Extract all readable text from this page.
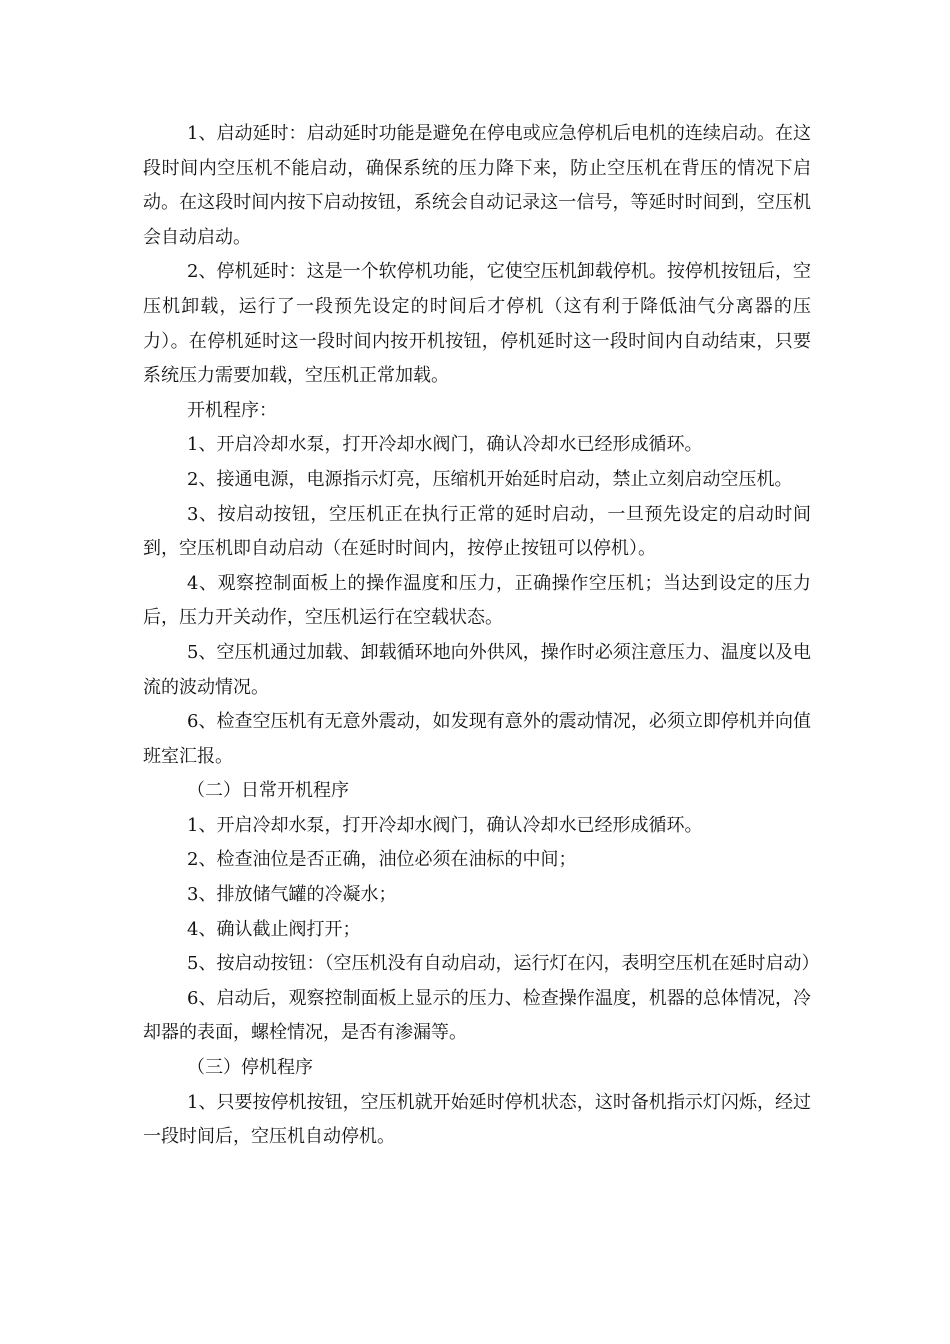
1、启动延时：启动延时功能是避免在停电或应急停机后电机的连续启动。在这段时间内空压机不能启动，确保系统的压力降下来，防止空压机在背压的情况下启动。在这段时间内按下启动按钮，系统会自动记录这一信号，等延时时间到，空压机会自动启动。

2、停机延时：这是一个软停机功能，它使空压机卸载停机。按停机按钮后，空压机卸载，运行了一段预先设定的时间后才停机（这有利于降低油气分离器的压力）。在停机延时这一段时间内按开机按钮，停机延时这一段时间内自动结束，只要系统压力需要加载，空压机正常加载。

开机程序：

1、开启冷却水泵，打开冷却水阀门，确认冷却水已经形成循环。

2、接通电源，电源指示灯亮，压缩机开始延时启动，禁止立刻启动空压机。

3、按启动按钮，空压机正在执行正常的延时启动，一旦预先设定的启动时间到，空压机即自动启动（在延时时间内，按停止按钮可以停机）。

4、观察控制面板上的操作温度和压力，正确操作空压机；当达到设定的压力后，压力开关动作，空压机运行在空载状态。

5、空压机通过加载、卸载循环地向外供风，操作时必须注意压力、温度以及电流的波动情况。

6、检查空压机有无意外震动，如发现有意外的震动情况，必须立即停机并向值班室汇报。

（二）日常开机程序

1、开启冷却水泵，打开冷却水阀门，确认冷却水已经形成循环。

2、检查油位是否正确，油位必须在油标的中间；

3、排放储气罐的冷凝水；

4、确认截止阀打开；

5、按启动按钮：（空压机没有自动启动，运行灯在闪，表明空压机在延时启动）

6、启动后，观察控制面板上显示的压力、检查操作温度，机器的总体情况，冷却器的表面，螺栓情况，是否有渗漏等。

（三）停机程序

1、只要按停机按钮，空压机就开始延时停机状态，这时备机指示灯闪烁，经过一段时间后，空压机自动停机。
